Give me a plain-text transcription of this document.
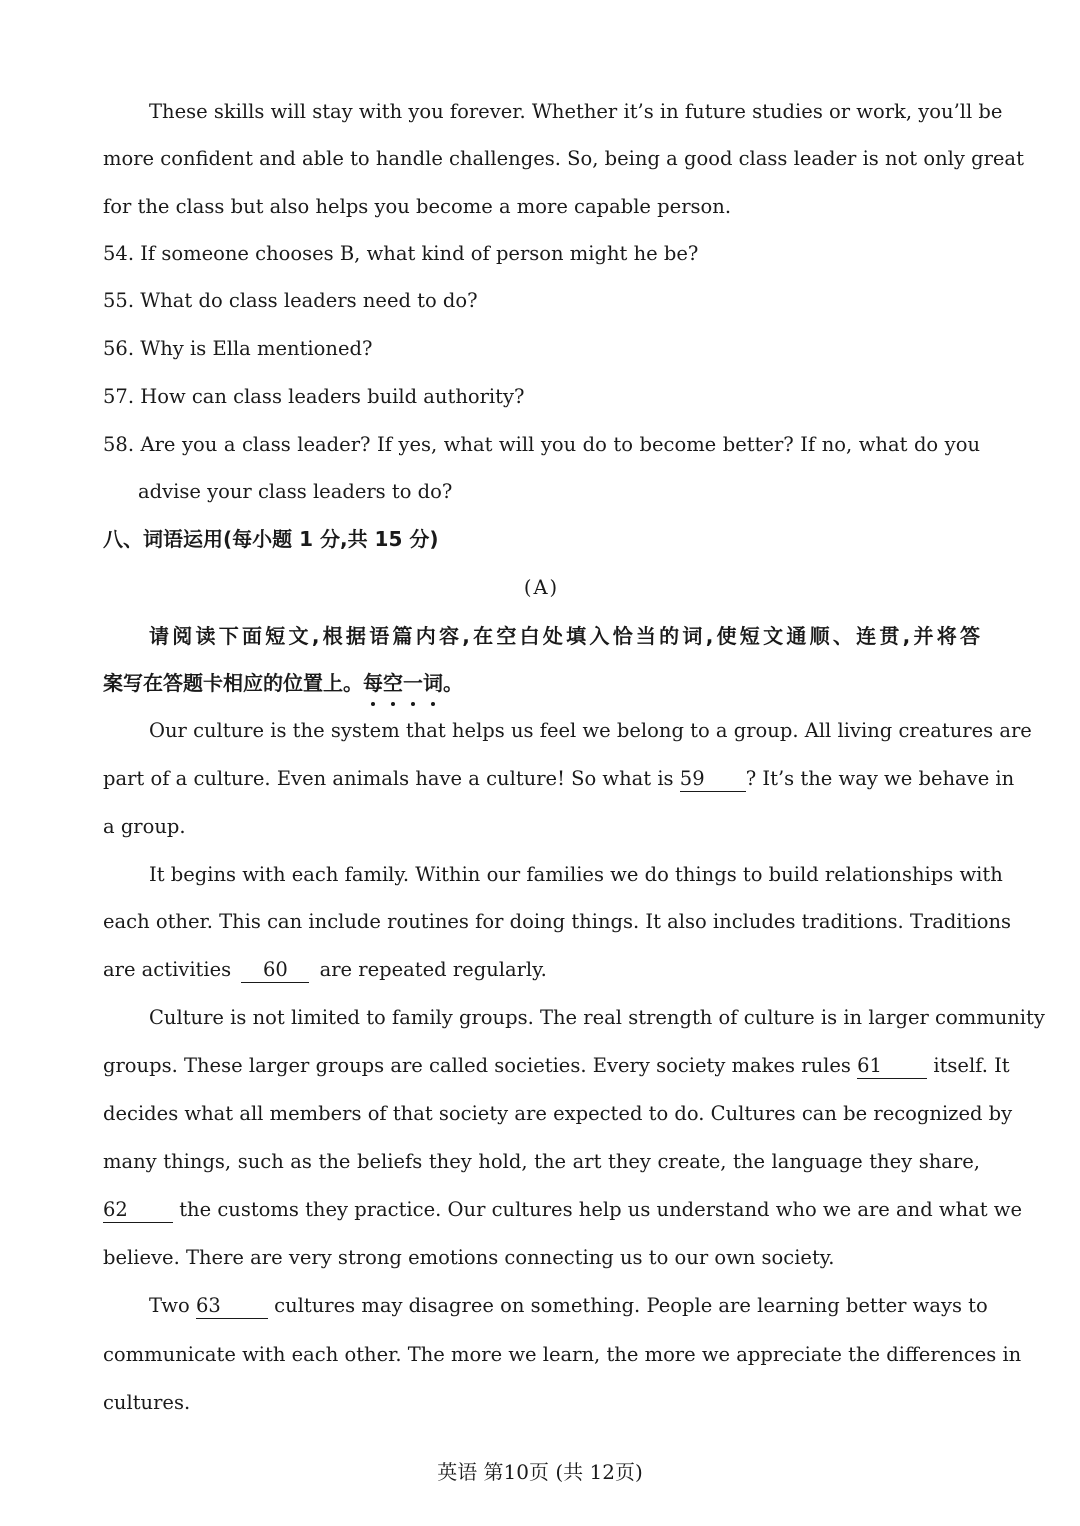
These skills will stay with you forever. Whether it’s in future studies or work, you’ll be
more confident and able to handle challenges. So, being a good class leader is not only great
for the class but also helps you become a more capable person.
54. If someone chooses B, what kind of person might he be?
55. What do class leaders need to do?
56. Why is Ella mentioned?
57. How can class leaders build authority?
58. Are you a class leader? If yes, what will you do to become better? If no, what do you
advise your class leaders to do?
八、词语运用(每小题 1 分,共 15 分)
(A)
请阅读下面短文,根据语篇内容,在空白处填入恰当的词,使短文通顺、连贯,并将答
案写在答题卡相应的位置上。每空一词。
Our culture is the system that helps us feel we belong to a group. All living creatures are
part of a culture. Even animals have a culture! So what is 59 ? It’s the way we behave in
a group.
It begins with each family. Within our families we do things to build relationships with
each other. This can include routines for doing things. It also includes traditions. Traditions
are activities 60 are repeated regularly.
Culture is not limited to family groups. The real strength of culture is in larger community
groups. These larger groups are called societies. Every society makes rules 61	itself. It
decides what all members of that society are expected to do. Cultures can be recognized by
many things, such as the beliefs they hold, the art they create, the language they share,
62	the customs they practice. Our cultures help us understand who we are and what we
believe. There are very strong emotions connecting us to our own society.
Two 63	cultures may disagree on something. People are learning better ways to
communicate with each other. The more we learn, the more we appreciate the differences in
cultures.
英语 第10页 (共 12页)
